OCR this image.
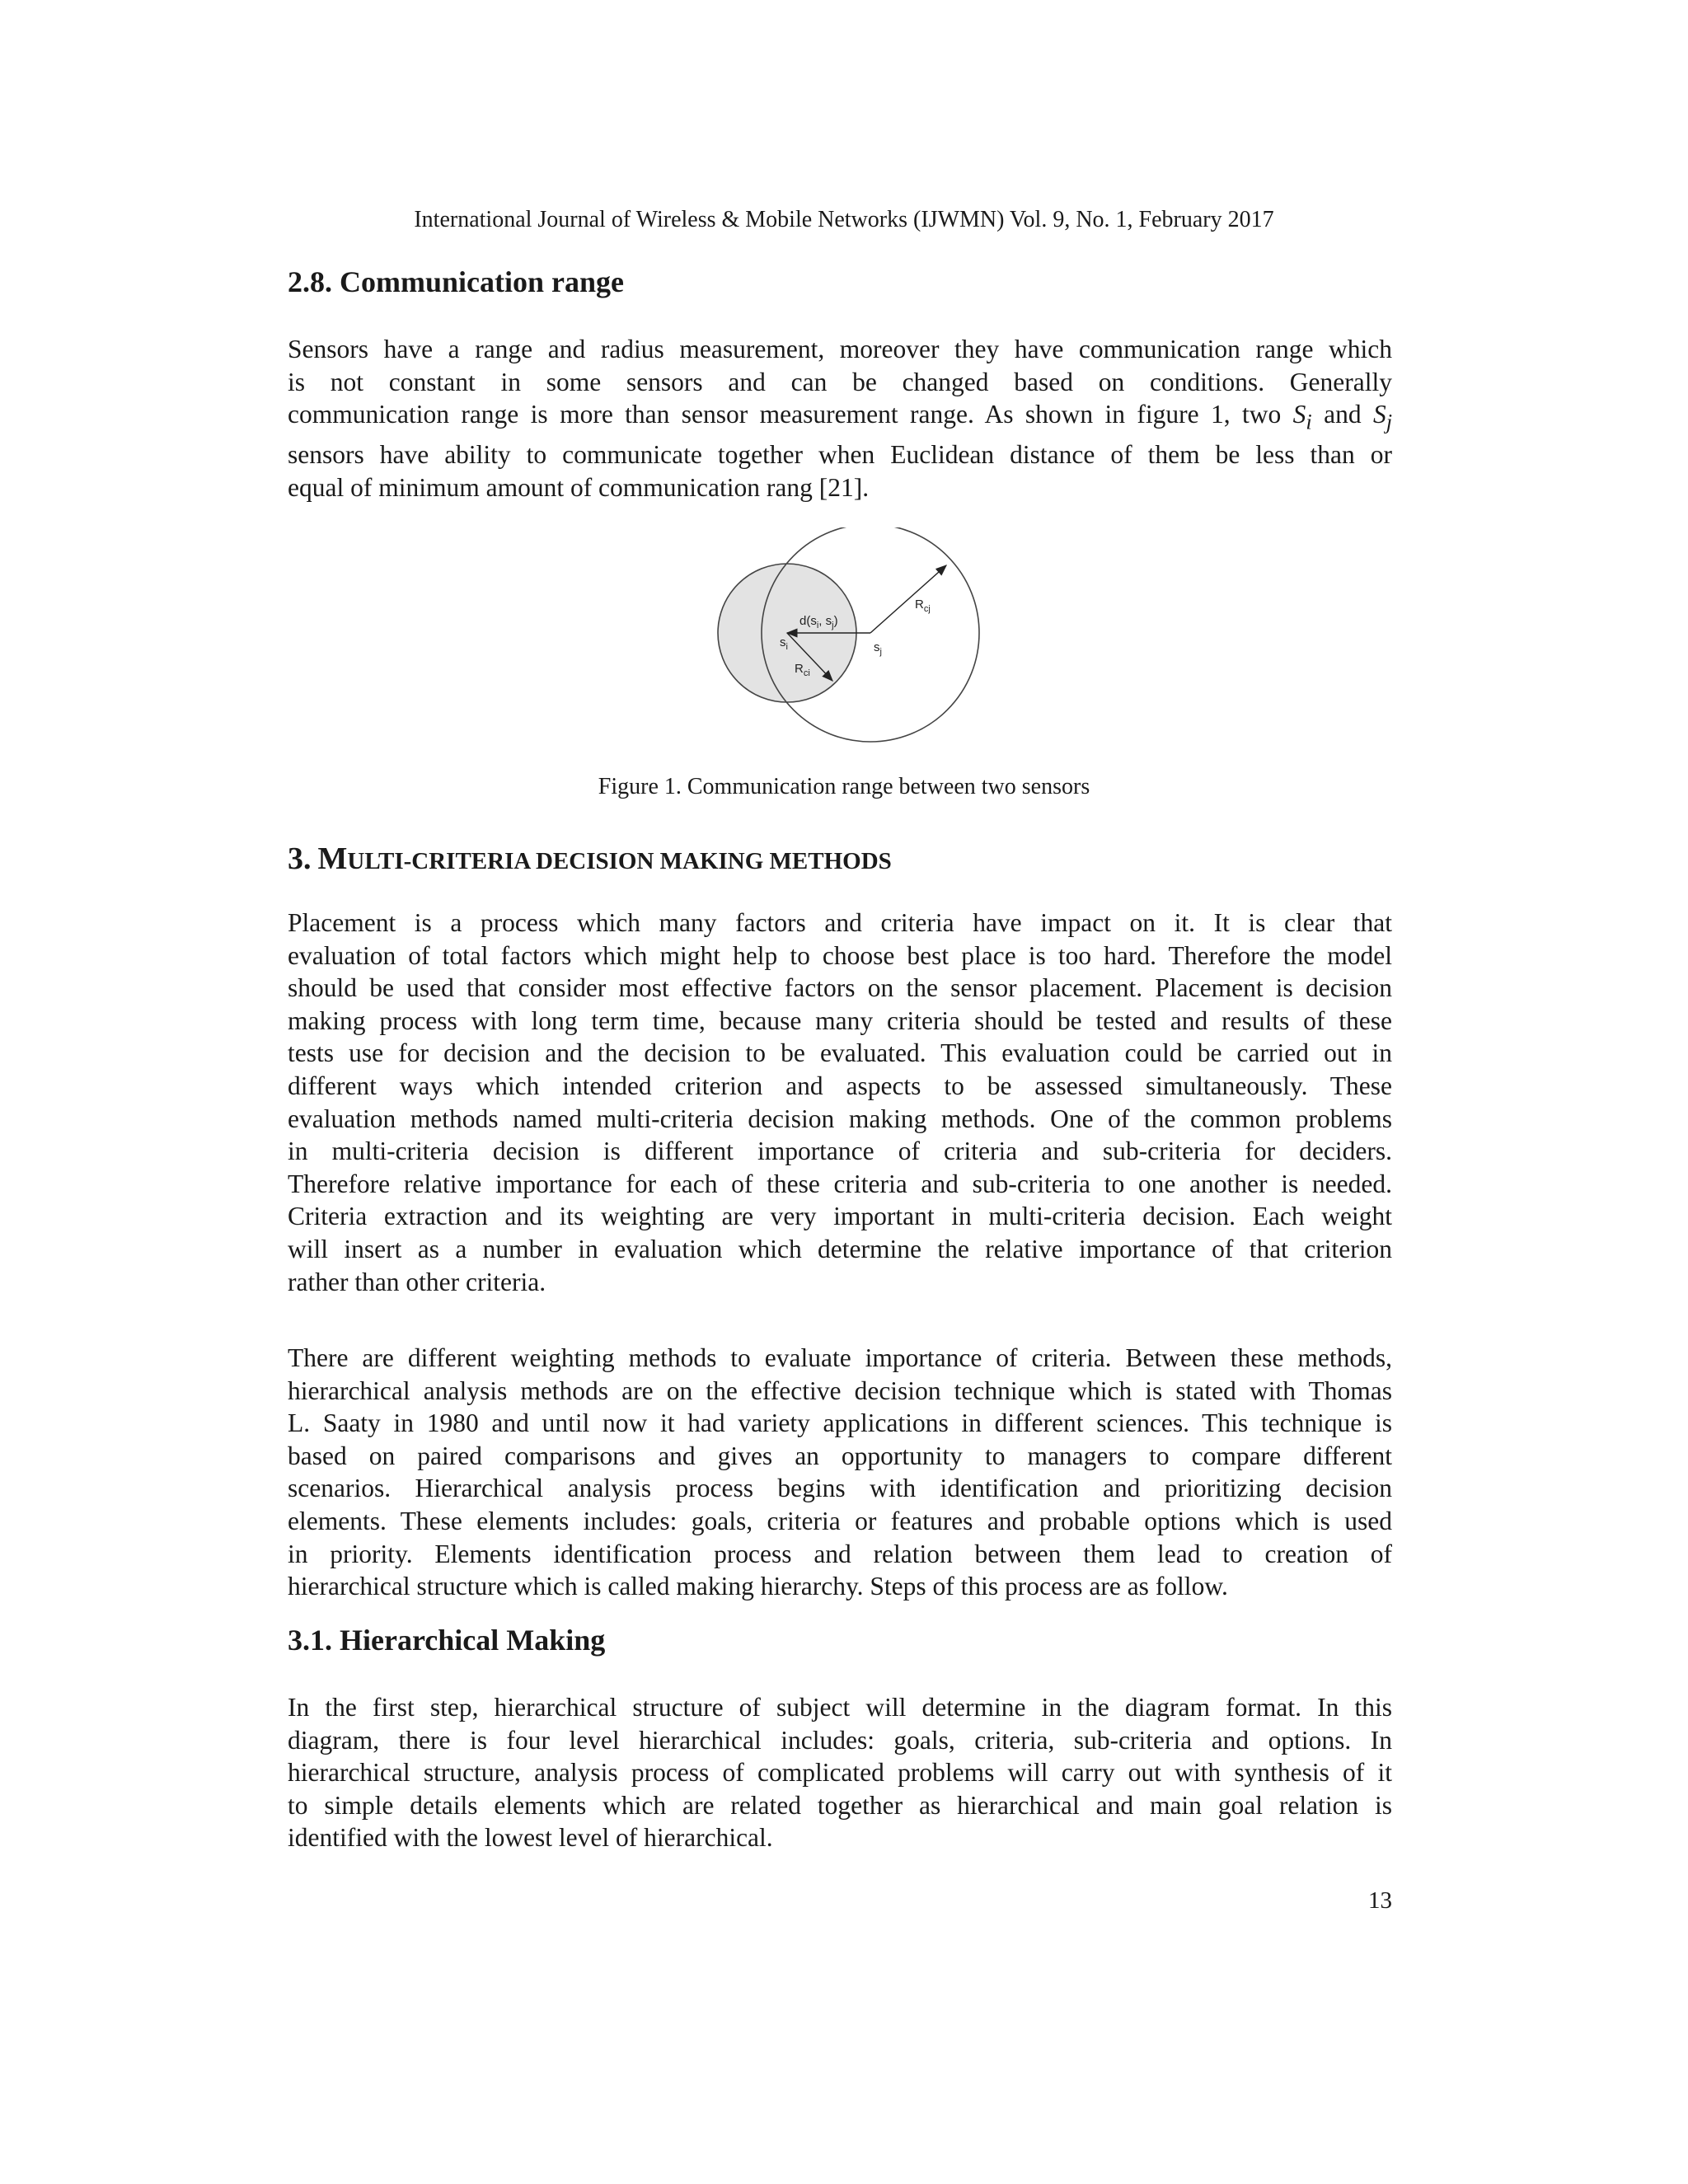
International Journal of Wireless & Mobile Networks (IJWMN) Vol. 9, No. 1, February 2017
2.8. Communication range
Sensors have a range and radius measurement, moreover they have communication range which
is not constant in some sensors and can be changed based on conditions. Generally
communication range is more than sensor measurement range. As shown in figure 1, two $S_i$ and $S_j$
sensors have ability to communicate together when Euclidean distance of them be less than or
equal of minimum amount of communication rang [21].
$d(s_i$, $s_j$)
$s_i$	$s_j$
$R_{ci}$
$R_{cj}$
Figure 1. Communication range between two sensors
3. MULTI-CRITERIA DECISION MAKING METHODS
Placement is a process which many factors and criteria have impact on it. It is clear that
evaluation of total factors which might help to choose best place is too hard. Therefore the model
should be used that consider most effective factors on the sensor placement. Placement is decision
making process with long term time, because many criteria should be tested and results of these
tests use for decision and the decision to be evaluated. This evaluation could be carried out in
different ways which intended criterion and aspects to be assessed simultaneously. These
evaluation methods named multi-criteria decision making methods. One of the common problems
in multi-criteria decision is different importance of criteria and sub-criteria for deciders.
Therefore relative importance for each of these criteria and sub-criteria to one another is needed.
Criteria extraction and its weighting are very important in multi-criteria decision. Each weight
will insert as a number in evaluation which determine the relative importance of that criterion
rather than other criteria.
There are different weighting methods to evaluate importance of criteria. Between these methods,
hierarchical analysis methods are on the effective decision technique which is stated with Thomas
L. Saaty in 1980 and until now it had variety applications in different sciences. This technique is
based on paired comparisons and gives an opportunity to managers to compare different
scenarios. Hierarchical analysis process begins with identification and prioritizing decision
elements. These elements includes: goals, criteria or features and probable options which is used
in priority. Elements identification process and relation between them lead to creation of
hierarchical structure which is called making hierarchy. Steps of this process are as follow.
3.1. Hierarchical Making
In the first step, hierarchical structure of subject will determine in the diagram format. In this
diagram, there is four level hierarchical includes: goals, criteria, sub-criteria and options. In
hierarchical structure, analysis process of complicated problems will carry out with synthesis of it
to simple details elements which are related together as hierarchical and main goal relation is
identified with the lowest level of hierarchical.
13
